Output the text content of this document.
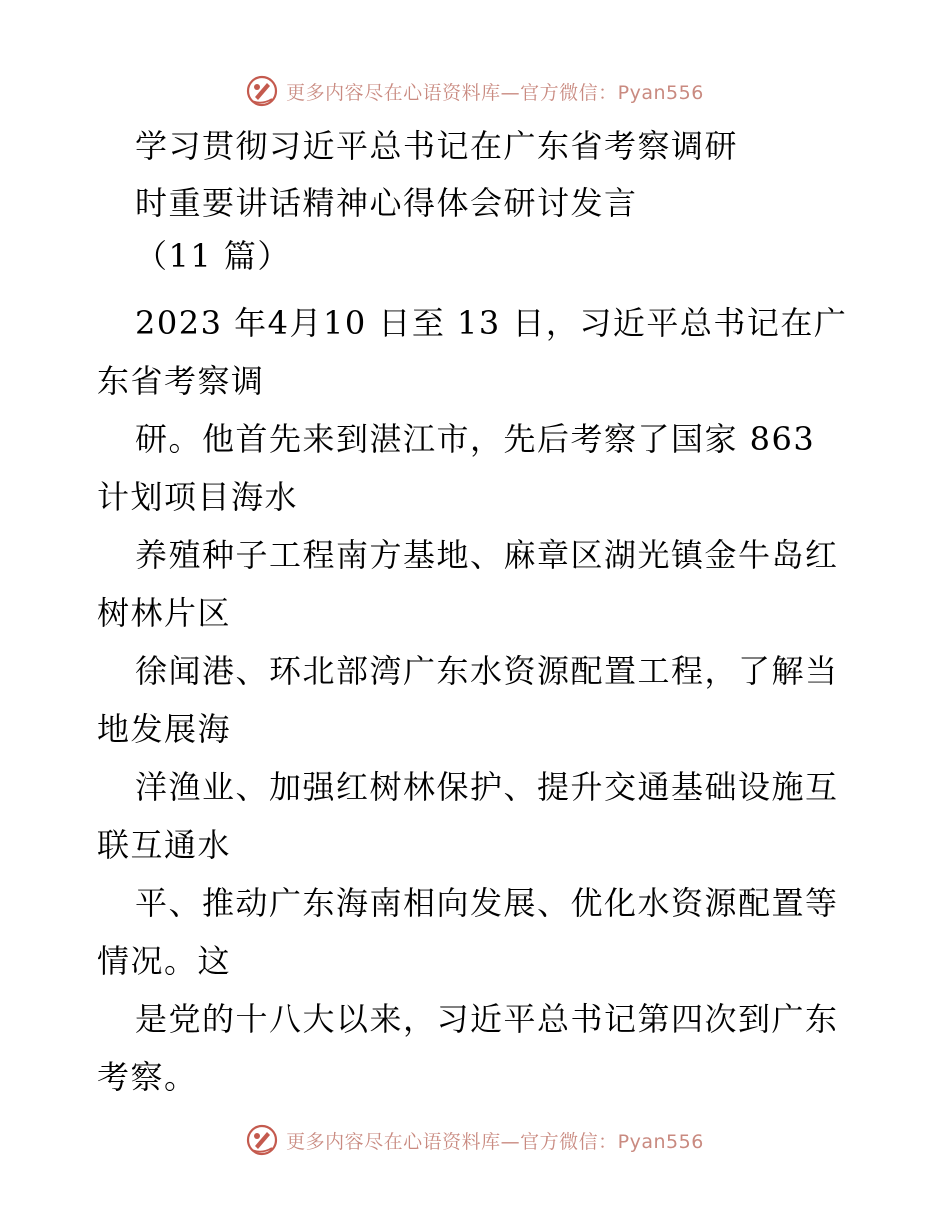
更多内容尽在心语资料库—官方微信：Pyan556
学习贯彻习近平总书记在广东省考察调研
时重要讲话精神心得体会研讨发言
（11 篇）
2023 年4月10 日至 13 日，习近平总书记在广
东省考察调
研。他首先来到湛江市，先后考察了国家 863
计划项目海水
养殖种子工程南方基地、麻章区湖光镇金牛岛红
树林片区
徐闻港、环北部湾广东水资源配置工程，了解当
地发展海
洋渔业、加强红树林保护、提升交通基础设施互
联互通水
平、推动广东海南相向发展、优化水资源配置等
情况。这
是党的十八大以来，习近平总书记第四次到广东
考察。
更多内容尽在心语资料库—官方微信：Pyan556
